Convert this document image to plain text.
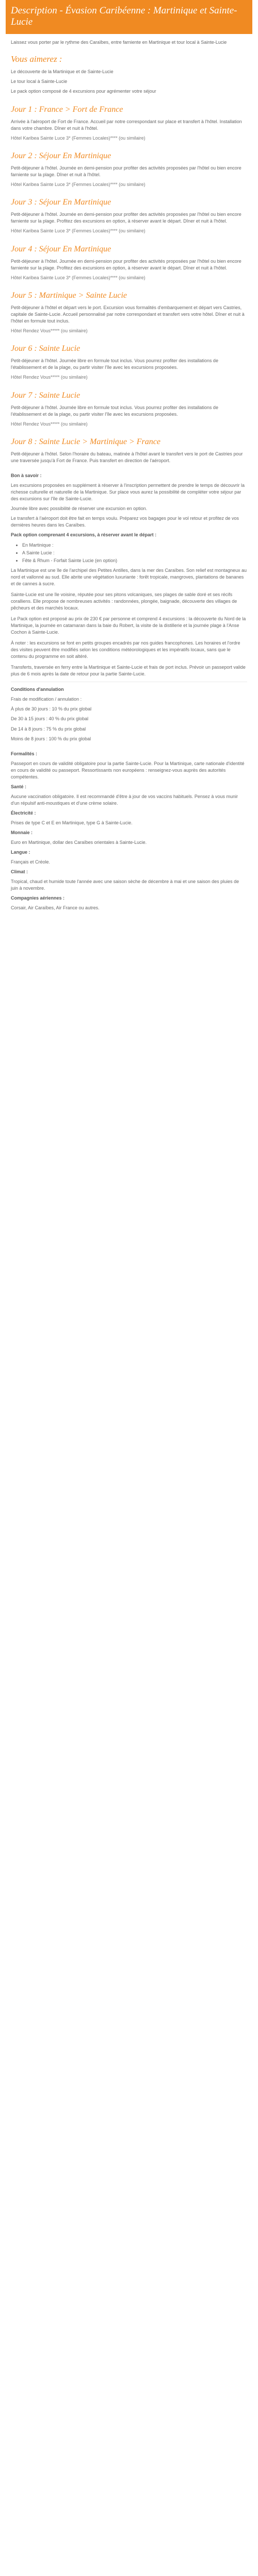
Description - Évasion Caribéenne : Martinique et Sainte-Lucie

Laissez vous porter par le rythme des Caraïbes, entre farniente en Martinique et tour local à Sainte-Lucie

Vous aimerez :

Le découverte de la Martinique et de Sainte-Lucie

Le tour local à Sainte-Lucie

Le pack option composé de 4 excursions pour agrémenter votre séjour

Jour 1 : France > Fort de France

Arrivée à l'aéroport de Fort de France. Accueil par notre correspondant sur place et transfert à l'hôtel. Installation dans votre chambre. Dîner et nuit à l'hôtel.

Hôtel Karibea Sainte Luce 3* (Femmes Locales)**** (ou similaire)

Jour 2 : Séjour En Martinique

Petit-déjeuner à l'hôtel. Journée en demi-pension pour profiter des activités proposées par l'hôtel ou bien encore farniente sur la plage. Dîner et nuit à l'hôtel.

Hôtel Karibea Sainte Luce 3* (Femmes Locales)**** (ou similaire)

Jour 3 : Séjour En Martinique

Petit-déjeuner à l'hôtel. Journée en demi-pension pour profiter des activités proposées par l'hôtel ou bien encore farniente sur la plage. Profitez des excursions en option, à réserver avant le départ. Dîner et nuit à l'hôtel.

Hôtel Karibea Sainte Luce 3* (Femmes Locales)**** (ou similaire)

Jour 4 : Séjour En Martinique

Petit-déjeuner à l'hôtel. Journée en demi-pension pour profiter des activités proposées par l'hôtel ou bien encore farniente sur la plage. Profitez des excursions en option, à réserver avant le départ. Dîner et nuit à l'hôtel.

Hôtel Karibea Sainte Luce 3* (Femmes Locales)**** (ou similaire)

Jour 5 : Martinique > Sainte Lucie

Petit-déjeuner à l'hôtel et départ vers le port. Excursion vous formalités d'embarquement et départ vers Castries, capitale de Sainte-Lucie. Accueil personnalisé par notre correspondant et transfert vers votre hôtel. Dîner et nuit à l'hôtel en formule tout inclus.

Hôtel Rendez Vous***** (ou similaire)

Jour 6 : Sainte Lucie

Petit-déjeuner à l'hôtel. Journée libre en formule tout inclus. Vous pourrez profiter des installations de l'établissement et de la plage, ou partir visiter l'île avec les excursions proposées.

Hôtel Rendez Vous***** (ou similaire)

Jour 7 : Sainte Lucie

Petit-déjeuner à l'hôtel. Journée libre en formule tout inclus. Vous pourrez profiter des installations de l'établissement et de la plage, ou partir visiter l'île avec les excursions proposées.

Hôtel Rendez Vous***** (ou similaire)

Jour 8 : Sainte Lucie > Martinique > France

Petit-déjeuner à l'hôtel. Selon l'horaire du bateau, matinée à l'hôtel avant le transfert vers le port de Castries pour une traversée jusqu'à Fort de France. Puis transfert en direction de l'aéroport.

Bon à savoir :

Les excursions proposées en supplément à réserver à l'inscription permettent de prendre le temps de découvrir la richesse culturelle et naturelle de la Martinique. Sur place vous aurez la possibilité de compléter votre séjour par des excursions sur l'île de Sainte-Lucie.

Journée libre avec possibilité de réserver une excursion en option.

Le transfert à l'aéroport doit être fait en temps voulu. Préparez vos bagages pour le vol retour et profitez de vos dernières heures dans les Caraïbes.

Pack option comprenant 4 excursions, à réserver avant le départ :

• En Martinique :
• A Sainte Lucie :
• Fête & Rhum - Forfait Sainte Lucie (en option)

La Martinique est une île de l'archipel des Petites Antilles, dans la mer des Caraïbes. Son relief est montagneux au nord et vallonné au sud. Elle abrite une végétation luxuriante : forêt tropicale, mangroves, plantations de bananes et de cannes à sucre.

Sainte-Lucie est une île voisine, réputée pour ses pitons volcaniques, ses plages de sable doré et ses récifs coralliens. Elle propose de nombreuses activités : randonnées, plongée, baignade, découverte des villages de pêcheurs et des marchés locaux.

Le Pack option est proposé au prix de 230 € par personne et comprend 4 excursions : la découverte du Nord de la Martinique, la journée en catamaran dans la baie du Robert, la visite de la distillerie et la journée plage à l'Anse Cochon à Sainte-Lucie.

À noter : les excursions se font en petits groupes encadrés par nos guides francophones. Les horaires et l'ordre des visites peuvent être modifiés selon les conditions météorologiques et les impératifs locaux, sans que le contenu du programme en soit altéré.

Transferts, traversée en ferry entre la Martinique et Sainte-Lucie et frais de port inclus. Prévoir un passeport valide plus de 6 mois après la date de retour pour la partie Sainte-Lucie.

Conditions d'annulation

Frais de modification / annulation :

À plus de 30 jours : 10 % du prix global

De 30 à 15 jours : 40 % du prix global

De 14 à 8 jours : 75 % du prix global

Moins de 8 jours : 100 % du prix global

Formalités :

Passeport en cours de validité obligatoire pour la partie Sainte-Lucie. Pour la Martinique, carte nationale d'identité en cours de validité ou passeport. Ressortissants non européens : renseignez-vous auprès des autorités compétentes.

Santé :

Aucune vaccination obligatoire. Il est recommandé d'être à jour de vos vaccins habituels. Pensez à vous munir d'un répulsif anti-moustiques et d'une crème solaire.

Électricité :

Prises de type C et E en Martinique, type G à Sainte-Lucie.

Monnaie :

Euro en Martinique, dollar des Caraïbes orientales à Sainte-Lucie.

Langue :

Français et Créole.

Climat :

Tropical, chaud et humide toute l'année avec une saison sèche de décembre à mai et une saison des pluies de juin à novembre.

Compagnies aériennes :

Corsair, Air Caraïbes, Air France ou autres.
